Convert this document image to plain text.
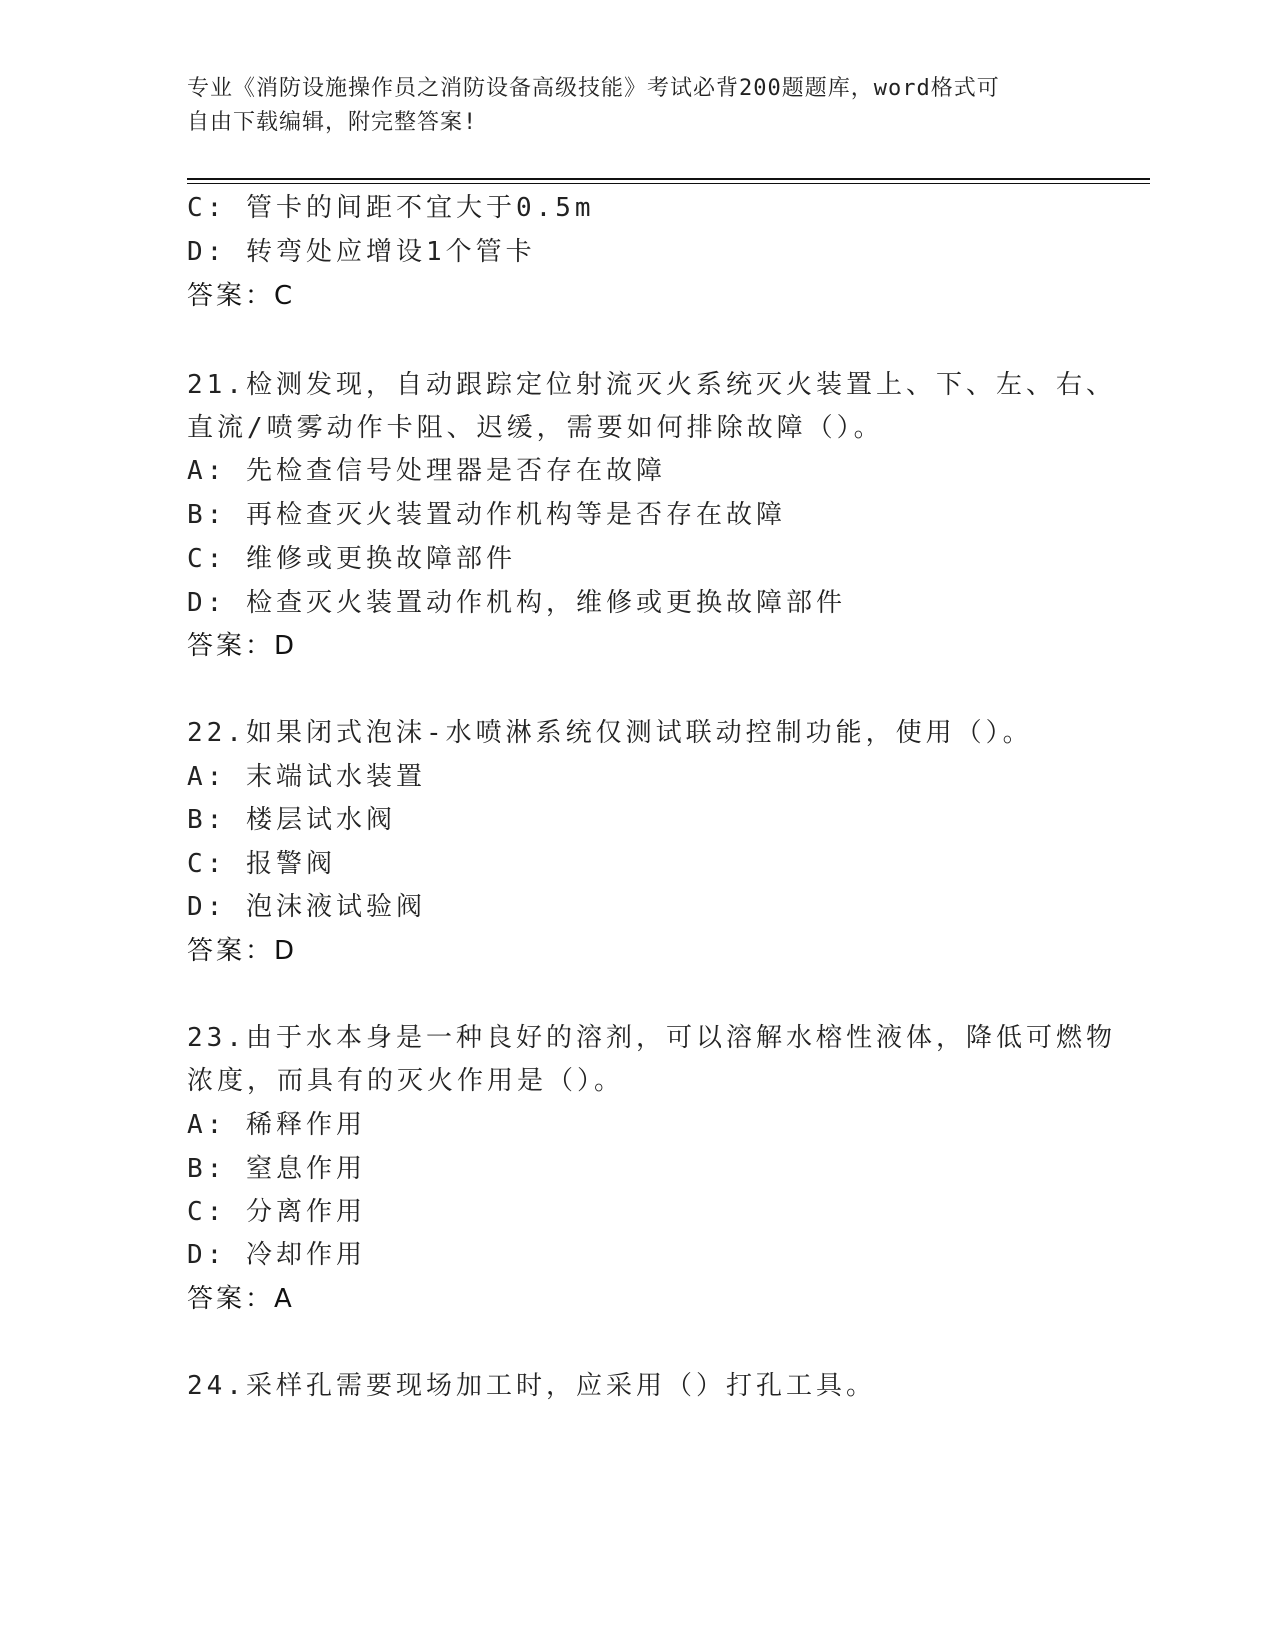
专业《消防设施操作员之消防设备高级技能》考试必背200题题库，word格式可
自由下载编辑，附完整答案!
C: 管卡的间距不宜大于0.5m
D: 转弯处应增设1个管卡
答案：C
21.检测发现，自动跟踪定位射流灭火系统灭火装置上、下、左、右、
直流/喷雾动作卡阻、迟缓，需要如何排除故障（）。
A: 先检查信号处理器是否存在故障
B: 再检查灭火装置动作机构等是否存在故障
C: 维修或更换故障部件
D: 检查灭火装置动作机构，维修或更换故障部件
答案：D
22.如果闭式泡沫-水喷淋系统仅测试联动控制功能，使用（）。
A: 末端试水装置
B: 楼层试水阀
C: 报警阀
D: 泡沫液试验阀
答案：D
23.由于水本身是一种良好的溶剂，可以溶解水榕性液体，降低可燃物
浓度，而具有的灭火作用是（）。
A: 稀释作用
B: 窒息作用
C: 分离作用
D: 冷却作用
答案：A
24.采样孔需要现场加工时，应采用（）打孔工具。
